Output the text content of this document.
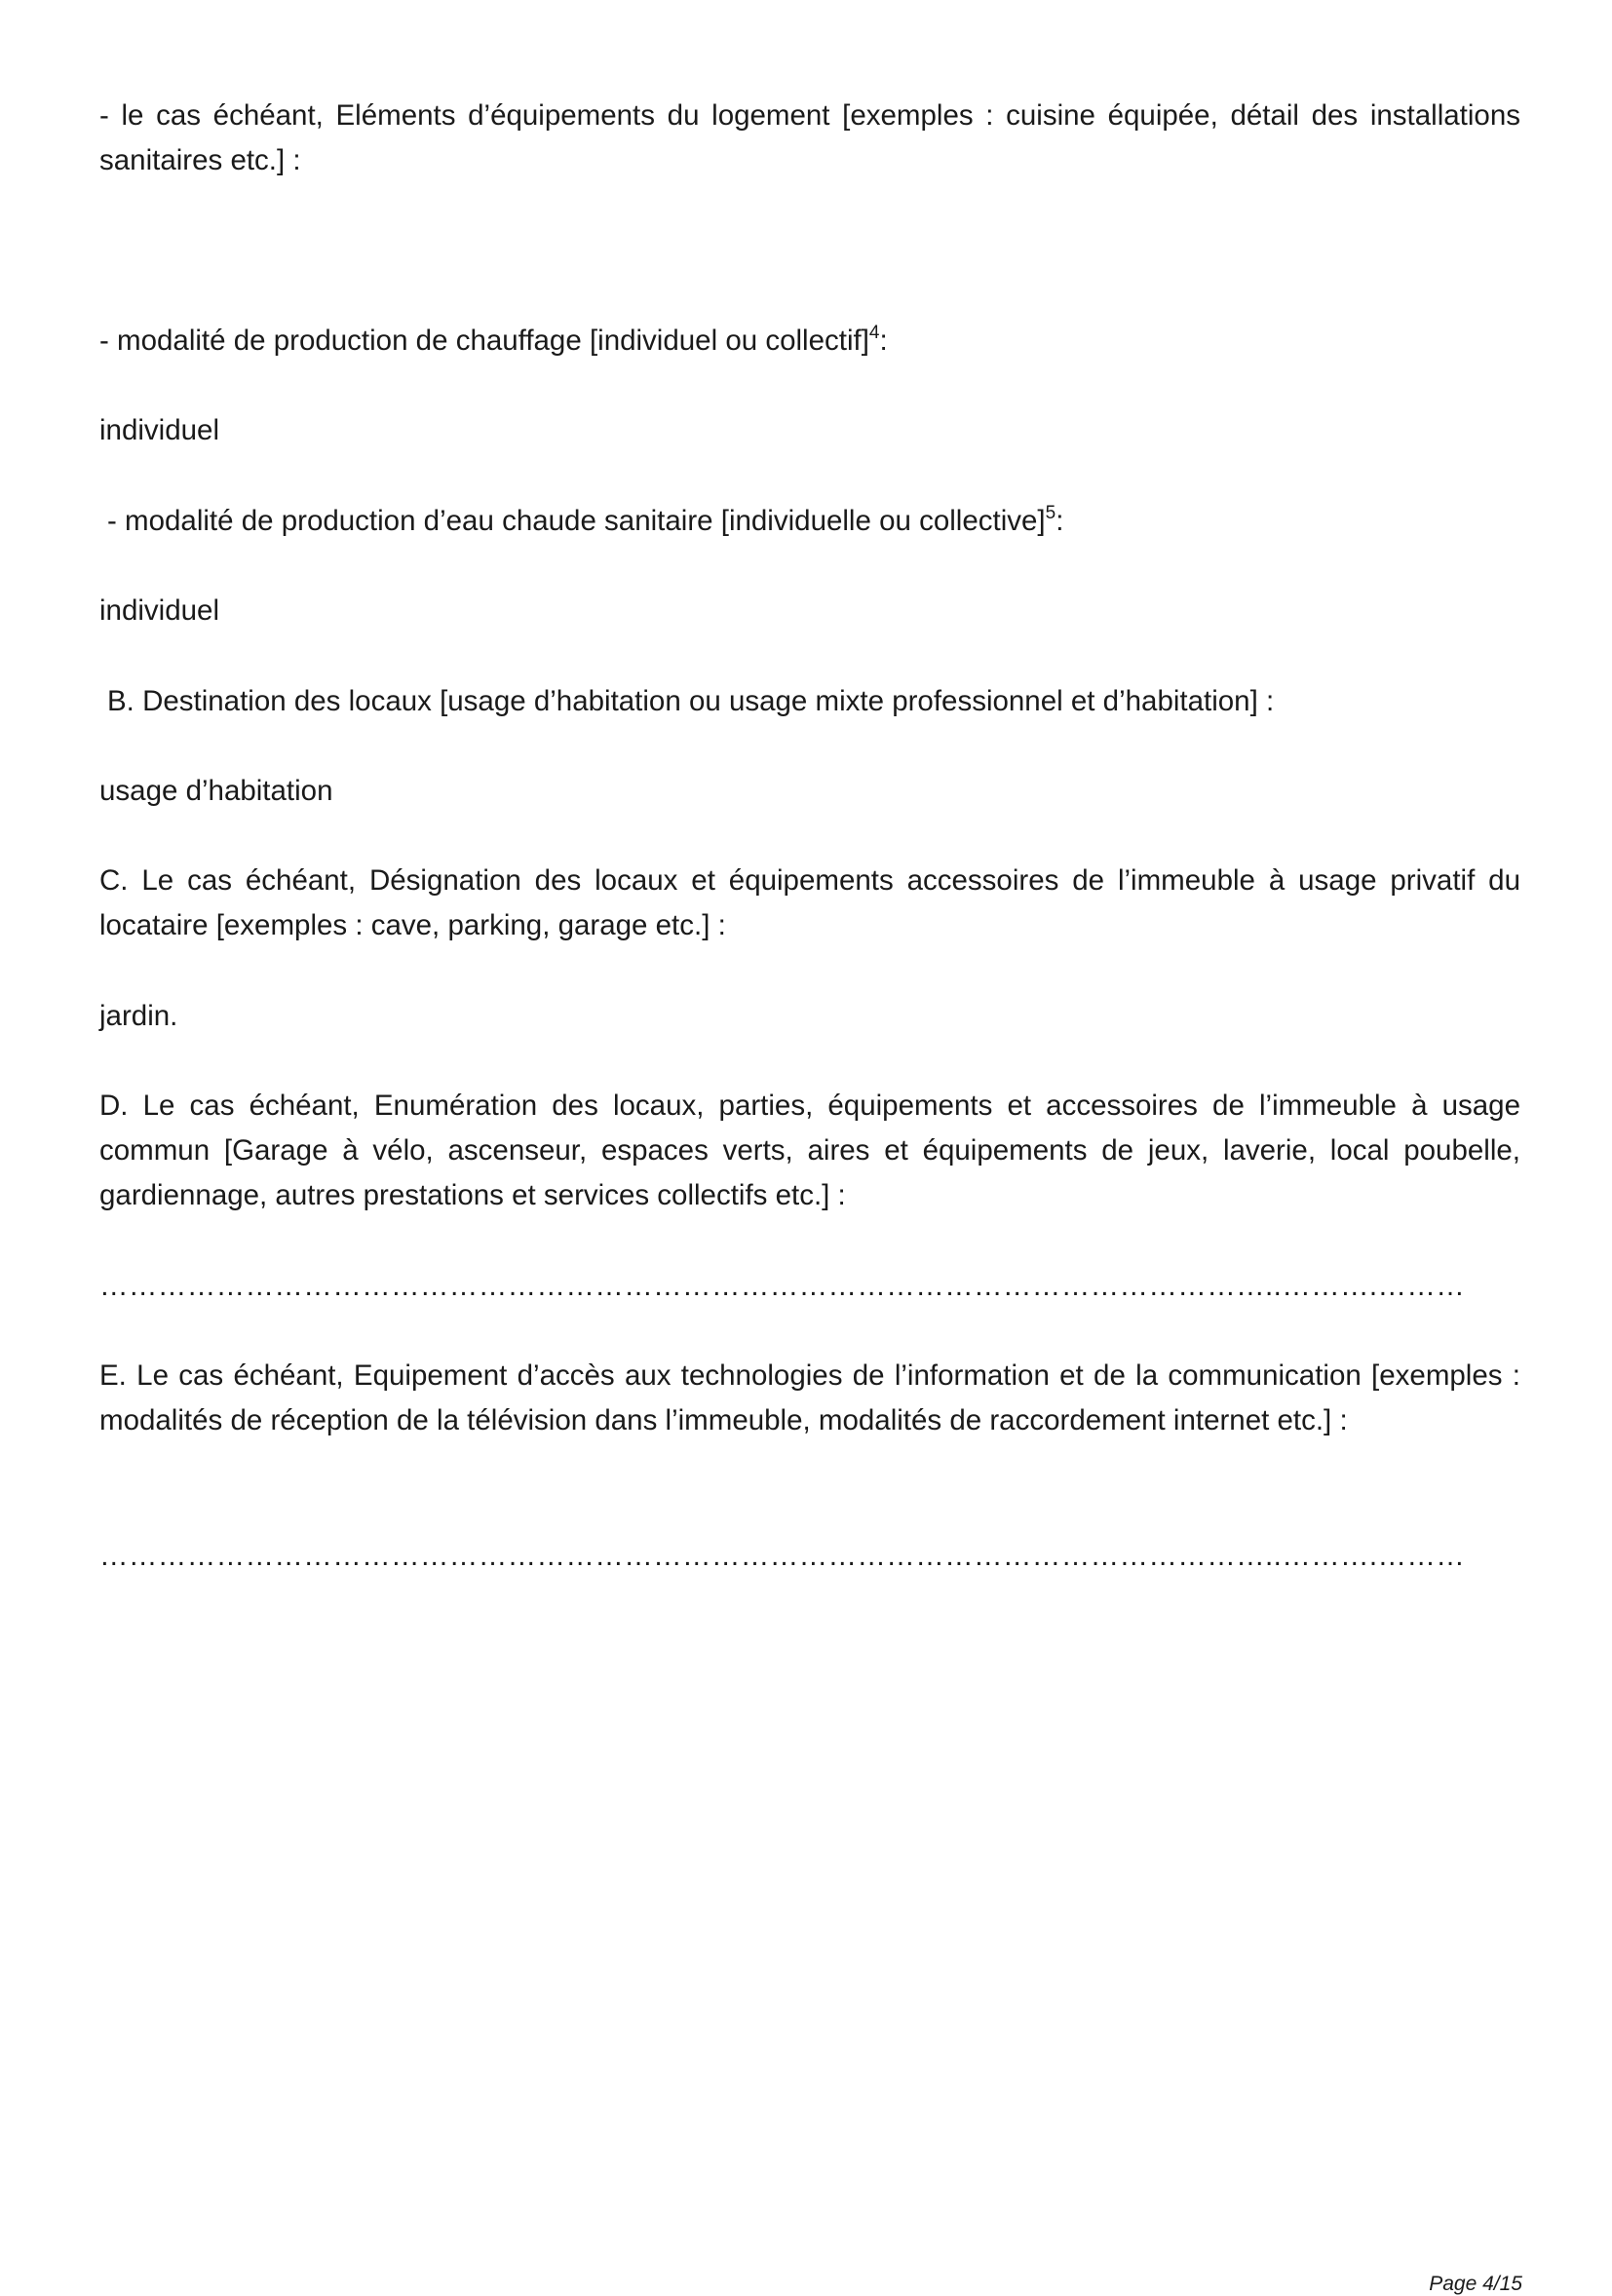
- le cas échéant, Eléments d’équipements du logement [exemples : cuisine équipée, détail des installations sanitaires etc.] :

- modalité de production de chauffage [individuel ou collectif]$^4$:

individuel

- modalité de production d’eau chaude sanitaire [individuelle ou collective]$^5$:

individuel

B. Destination des locaux [usage d’habitation ou usage mixte professionnel et d’habitation] :

usage d’habitation

C. Le cas échéant, Désignation des locaux et équipements accessoires de l’immeuble à usage privatif du locataire [exemples : cave, parking, garage etc.] :

jardin.

D. Le cas échéant, Enumération des locaux, parties, équipements et accessoires de l’immeuble à usage commun [Garage à vélo, ascenseur, espaces verts, aires et équipements de jeux, laverie, local poubelle, gardiennage, autres prestations et services collectifs etc.] :

…………………………………………………………………………………………………………..……….………

E. Le cas échéant, Equipement d’accès aux technologies de l’information et de la communication [exemples : modalités de réception de la télévision dans l’immeuble, modalités de raccordement internet etc.] :

…………………………………………………………………………………………………………..……….………
Page 4/15
